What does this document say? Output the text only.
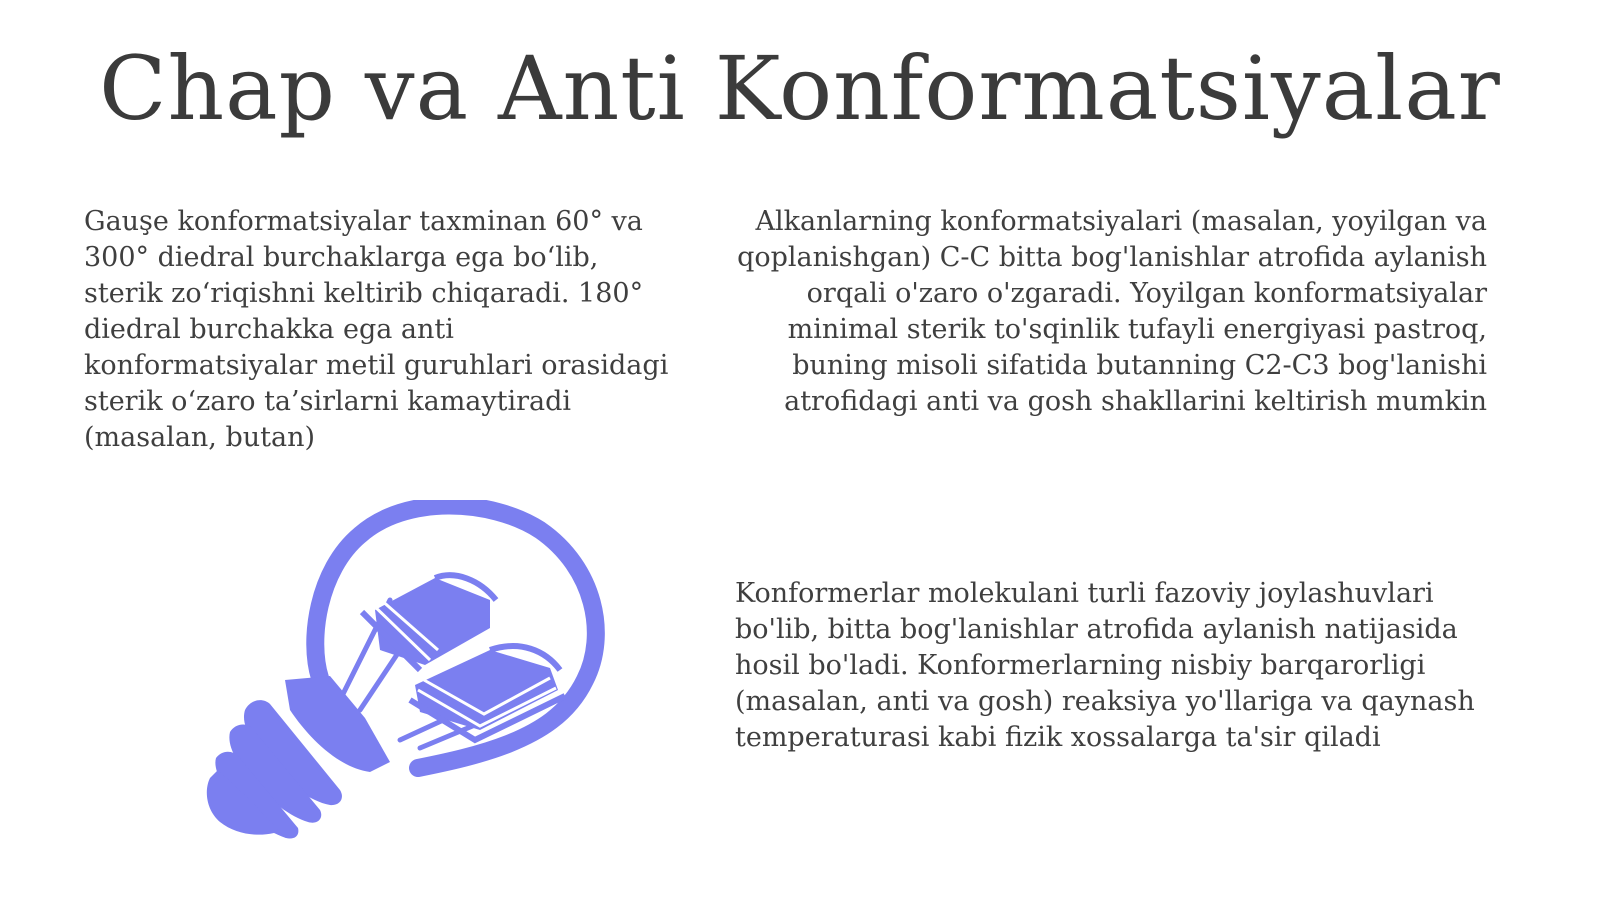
Chap va Anti Konformatsiyalar

Gauşe konformatsiyalar taxminan 60° va 300° diedral burchaklarga ega bo‘lib, sterik zo‘riqishni keltirib chiqaradi. 180° diedral burchakka ega anti konformatsiyalar metil guruhlari orasidagi sterik o‘zaro ta’sirlarni kamaytiradi (masalan, butan)

Alkanlarning konformatsiyalari (masalan, yoyilgan va qoplanishgan) C-C bitta bog'lanishlar atrofida aylanish orqali o'zaro o'zgaradi. Yoyilgan konformatsiyalar minimal sterik to'sqinlik tufayli energiyasi pastroq, buning misoli sifatida butanning C2-C3 bog'lanishi atrofidagi anti va gosh shakllarini keltirish mumkin

Konformerlar molekulani turli fazoviy joylashuvlari bo'lib, bitta bog'lanishlar atrofida aylanish natijasida hosil bo'ladi. Konformerlarning nisbiy barqarorligi (masalan, anti va gosh) reaksiya yo'llariga va qaynash temperaturasi kabi fizik xossalarga ta'sir qiladi
